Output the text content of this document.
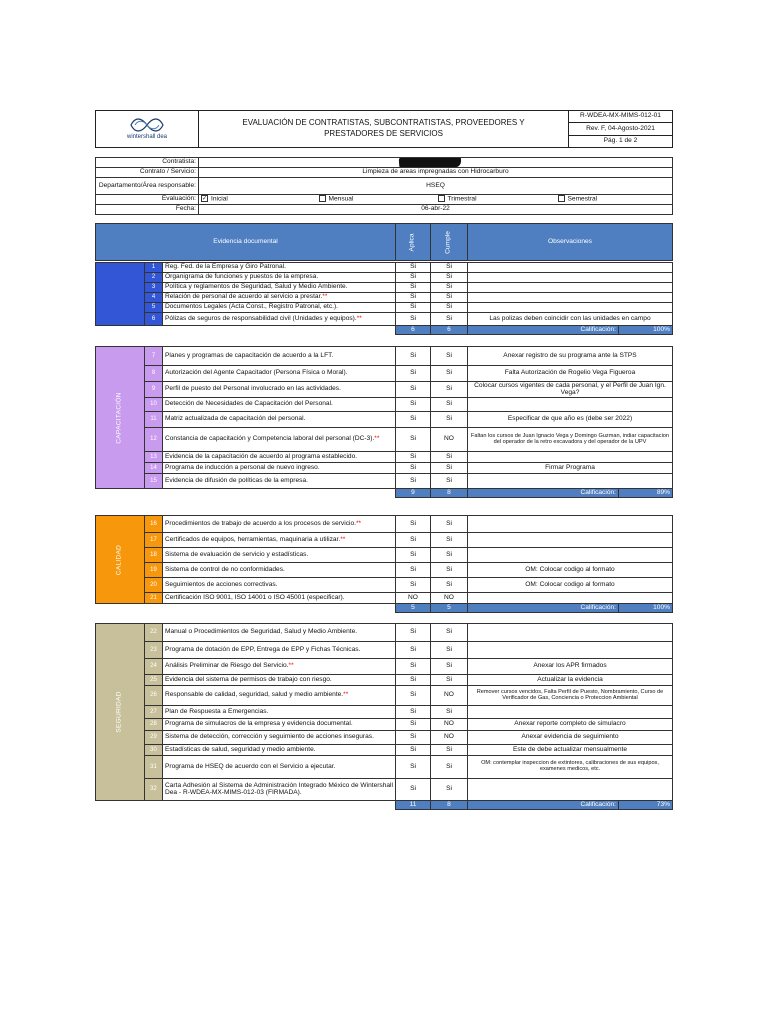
wintershall dea
	EVALUACIÓN DE CONTRATISTAS, SUBCONTRATISTAS, PROVEEDORES Y PRESTADORES DE SERVICIOS	R-WDEA-MX-MIMS-012-01
Rev. F, 04-Agosto-2021
Pág. 1 de 2
Contratista:				

Contrato / Servicio:	Limpieza de areas impregnadas con Hidrocarburo			
Departamento/Área responsable:	HSEQ			
Evaluación:	✓ Inicial	Mensual	Trimestral	Semestral
Fecha:	06-abr-22			
Evidencia documental	Aplica	Cumple	Observaciones
	1	Reg. Fed. de la Empresa y Giro Patronal.	Si	Si		
	2	Organigrama de funciones y puestos de la empresa.	Si	Si		
	3	Política y reglamentos de Seguridad, Salud y Medio Ambiente.	Si	Si		
	4	Relación de personal de acuerdo al servicio a prestar.**	Si	Si		
	5	Documentos Legales (Acta Const., Registro Patronal, etc.).	Si	Si		
	6	Pólizas de seguros de responsabilidad civil (Unidades y equipos).**	Si	Si	Las polizas deben coincidir con las unidades en campo	
			6	6	Calificación:	100%
CAPACITACIÓN	7	Planes y programas de capacitación de acuerdo a la LFT.	Si	Si	Anexar registro de su programa ante la STPS	
	8	Autorización del Agente Capacitador (Persona Física o Moral).	Si	Si	Falta Autorización de Rogelio Vega Figueroa	
	9	Perfil de puesto del Personal involucrado en las actividades.	Si	Si	Colocar cursos vigentes de cada personal, y el Perfil de Juan Ign. Vega?	
	10	Detección de Necesidades de Capacitación del Personal.	Si	Si		
	11	Matriz actualizada de capacitación del personal.	Si	Si	Especificar de que año es (debe ser 2022)	
	12	Constancia de capacitación y Competencia laboral del personal (DC-3).**	Si	NO	Faltan los cursos de Juan Ignacio Vega y Domingo Guzman, indiar capacitacion del operador de la retro excavadora y del operador de la UPV	
	13	Evidencia de la capacitación de acuerdo al programa establecido.	Si	Si		
	14	Programa de inducción a personal de nuevo ingreso.	Si	Si	Firmar Programa	
	15	Evidencia de difusión de políticas de la empresa.	Si	Si		
			9	8	Calificación:	89%
CALIDAD	16	Procedimientos de trabajo de acuerdo a los procesos de servicio.**	Si	Si		
	17	Certificados de equipos, herramientas, maquinaria a utilizar.**	Si	Si		
	18	Sistema de evaluación de servicio y estadísticas.	Si	Si		
	19	Sistema de control de no conformidades.	Si	Si	OM: Colocar codigo al formato	
	20	Seguimientos de acciones correctivas.	Si	Si	OM: Colocar codigo al formato	
	21	Certificación ISO 9001, ISO 14001 o ISO 45001 (especificar).	NO	NO		
			5	5	Calificación:	100%
SEGURIDAD	22	Manual o Procedimientos de Seguridad, Salud y Medio Ambiente.	Si	Si		
	23	Programa de dotación de EPP, Entrega de EPP y Fichas Técnicas.	Si	Si		
	24	Análisis Preliminar de Riesgo del Servicio.**	Si	Si	Anexar los APR firmados	
	25	Evidencia del sistema de permisos de trabajo con riesgo.	Si	Si	Actualizar la evidencia	
	26	Responsable de calidad, seguridad, salud y medio ambiente.**	Si	NO	Remover cursos vencidos, Falta Perfil de Puesto, Nombramiento, Curso de Verificador de Gas, Conciencia o Proteccion Ambiental	
	27	Plan de Respuesta a Emergencias.	Si	Si		
	28	Programa de simulacros de la empresa y evidencia documental.	Si	NO	Anexar reporte completo de simulacro	
	29	Sistema de detección, corrección y seguimiento de acciones inseguras.	Si	NO	Anexar evidencia de seguimiento	
	30	Estadísticas de salud, seguridad y medio ambiente.	Si	Si	Este de debe actualizar mensualmente	
	31	Programa de HSEQ de acuerdo con el Servicio a ejecutar.	Si	Si	OM: contemplar inspeccion de extintores, calibraciones de sus equipos, examenes medicos, etc.	
	32	Carta Adhesión al Sistema de Administración Integrado México de Wintershall Dea - R-WDEA-MX-MIMS-012-03 (FIRMADA).	Si	Si		
			11	8	Calificación:	73%
